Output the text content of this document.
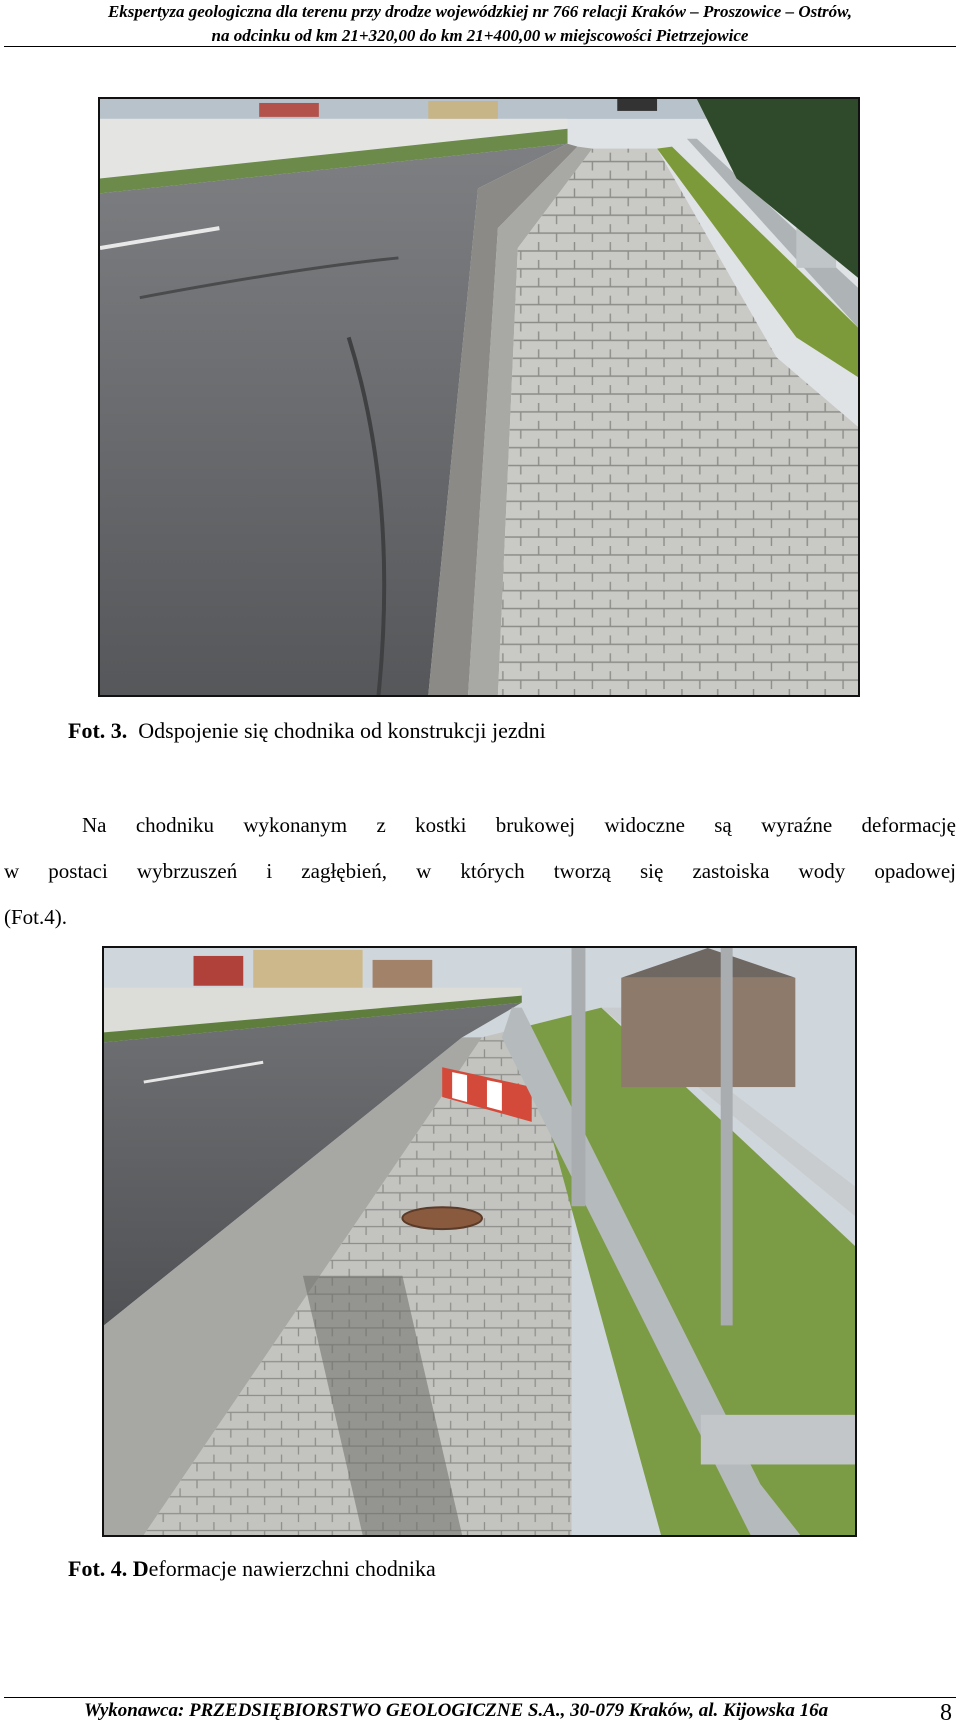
Ekspertyza geologiczna dla terenu przy drodze wojewódzkiej nr 766 relacji Kraków – Proszowice – Ostrów,
na odcinku od km 21+320,00 do km 21+400,00 w miejscowości Pietrzejowice
Fot. 3. Odspojenie się chodnika od konstrukcji jezdni
Na chodniku wykonanym z kostki brukowej widoczne są wyraźne deformację
w postaci wybrzuszeń i zagłębień, w których tworzą się zastoiska wody opadowej
(Fot.4).
Fot. 4. Deformacje nawierzchni chodnika
Wykonawca: PRZEDSIĘBIORSTWO GEOLOGICZNE S.A., 30-079 Kraków, al. Kijowska 16a	8
